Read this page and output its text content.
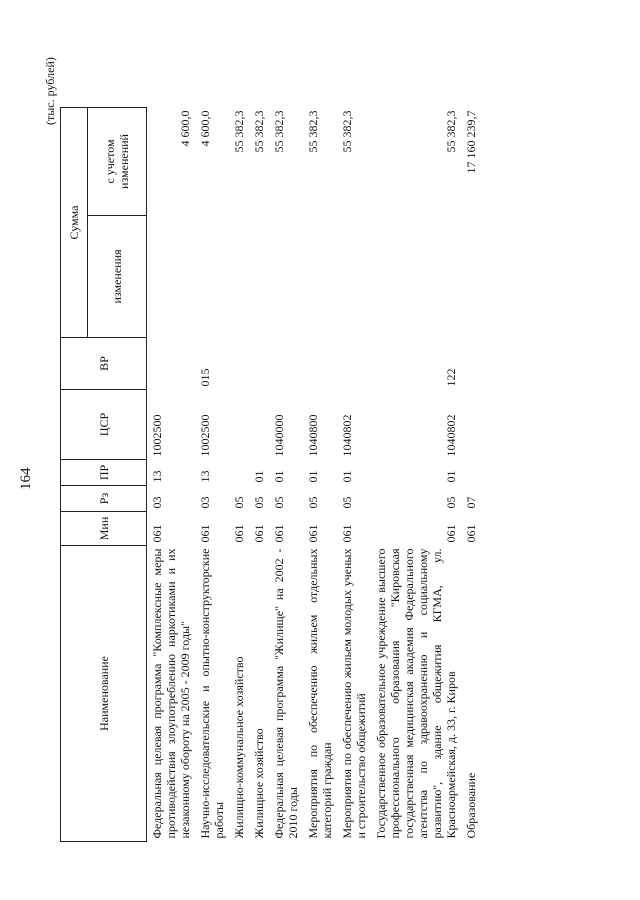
164
(тыс. рублей)
Наименование	Мин	Рз	ПР	ЦСР	ВР	Сумма	
						изменения	с учетом изменений
Федеральная целевая программа "Комплексные меры противодействия злоупотреблению наркотиками и их незаконному обороту на 2005 - 2009 годы"	061	03	13	1002500			4 600,0
Научно-исследовательские и опытно-конструкторские работы	061	03	13	1002500	015		4 600,0
Жилищно-коммунальное хозяйство	061	05					55 382,3
Жилищное хозяйство	061	05	01				55 382,3
Федеральная целевая программа "Жилище" на 2002 - 2010 годы	061	05	01	1040000			55 382,3
Мероприятия по обеспечению жильем отдельных категорий граждан	061	05	01	1040800			55 382,3
Мероприятия по обеспечению жильем молодых ученых и строительство общежитий	061	05	01	1040802			55 382,3
Государственное образовательное учреждение высшего профессионального образования "Кировская государственная медицинская академия Федерального агентства по здравоохранению и социальному развитию", здание общежития КГМА, ул. Красноармейская, д. 33, г. Киров	061	05	01	1040802	122		55 382,3
Образование	061	07					17 160 239,7
